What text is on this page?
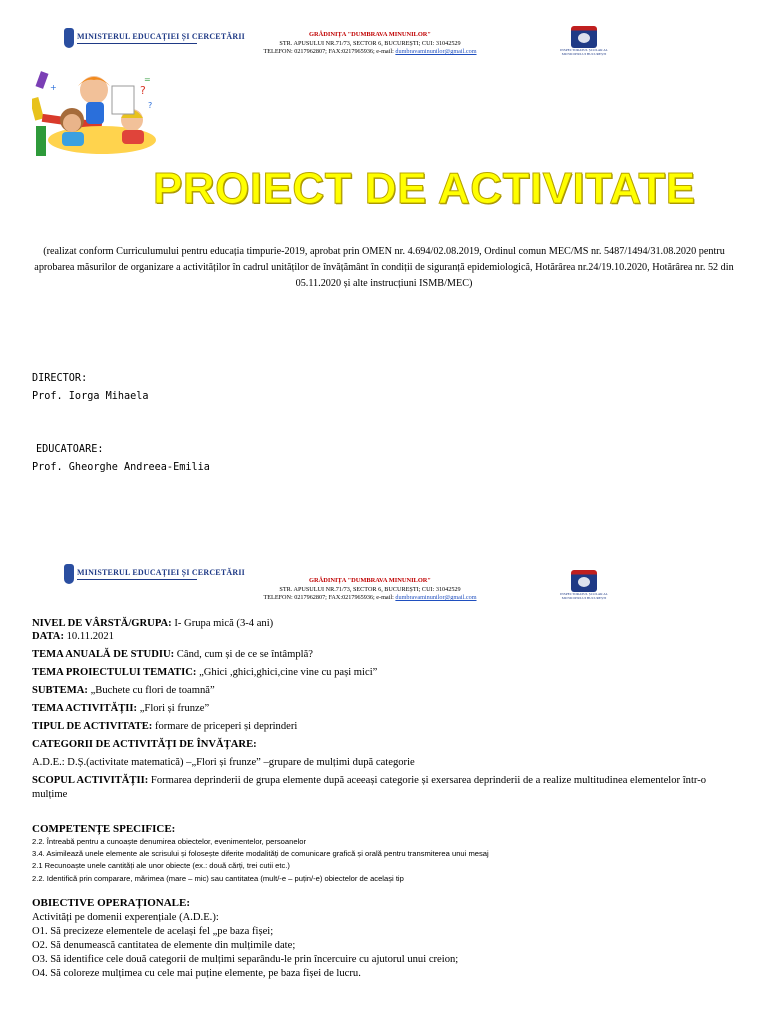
MINISTERUL EDUCAȚIEI ȘI CERCETĂRII	GRĂDINIȚA "DUMBRAVA MINUNILOR"
STR. APUSULUI NR.71/73, SECTOR 6, BUCUREȘTI; CUI: 31042529
TELEFON: 0217962807; FAX:0217965936; e-mail: dumbravaminunilor@gmail.com	INSPECTORATUL ȘCOLAR AL MUNICIPIULUI BUCUREȘTI
?
?
+
=
PROIECT DE ACTIVITATE
(realizat conform Curriculumului pentru educația timpurie-2019, aprobat prin OMEN nr. 4.694/02.08.2019, Ordinul comun MEC/MS nr. 5487/1494/31.08.2020 pentru aprobarea măsurilor de organizare a activităților în cadrul unităților de învățământ în condiții de siguranță epidemiologică, Hotărârea nr.24/19.10.2020, Hotărârea nr. 52 din 05.11.2020 și alte instrucțiuni ISMB/MEC)
DIRECTOR:
Prof. Iorga Mihaela
EDUCATOARE:
Prof. Gheorghe Andreea-Emilia
MINISTERUL EDUCAȚIEI ȘI CERCETĂRII
GRĂDINIȚA "DUMBRAVA MINUNILOR"
STR. APUSULUI NR.71/73, SECTOR 6, BUCUREȘTI; CUI: 31042529
TELEFON: 0217962807; FAX:0217965936; e-mail: dumbravaminunilor@gmail.com	INSPECTORATUL ȘCOLAR AL MUNICIPIULUI BUCUREȘTI
NIVEL DE VÂRSTĂ/GRUPA: I- Grupa mică (3-4 ani)
DATA: 10.11.2021
TEMA ANUALĂ DE STUDIU: Când, cum și de ce se întâmplă?
TEMA PROIECTULUI TEMATIC: „Ghici ,ghici,ghici,cine vine cu pași mici”
SUBTEMA: „Buchete cu flori de toamnă”
TEMA ACTIVITĂȚII: „Flori și frunze”
TIPUL DE ACTIVITATE: formare de priceperi și deprinderi
CATEGORII DE ACTIVITĂȚI DE ÎNVĂȚARE:
A.D.E.: D.Ș.(activitate matematică) –„Flori și frunze” –grupare de mulțimi după categorie
SCOPUL ACTIVITĂȚII: Formarea deprinderii de grupa elemente după aceeași categorie și exersarea deprinderii de a realize multitudinea elementelor într-o
mulțime
COMPETENȚE SPECIFICE:
2.2. Întreabă pentru a cunoaște denumirea obiectelor, evenimentelor, persoanelor
3.4. Asimilează unele elemente ale scrisului și folosește diferite modalități de comunicare grafică și orală pentru transmiterea unui mesaj
2.1 Recunoaște unele cantități ale unor obiecte (ex.: două cărți, trei cutii etc.)
2.2. Identifică prin comparare, mărimea (mare – mic) sau cantitatea (mult/-e – puțin/-e) obiectelor de același tip
OBIECTIVE OPERAȚIONALE:
Activități pe domenii experențiale (A.D.E.):
O1. Să precizeze elementele de același fel „pe baza fișei;
O2. Să denumească cantitatea de elemente din mulțimile date;
O3. Să identifice cele două categorii de mulțimi separându-le prin încercuire cu ajutorul unui creion;
O4. Să coloreze mulțimea cu cele mai puține elemente, pe baza fișei de lucru.
